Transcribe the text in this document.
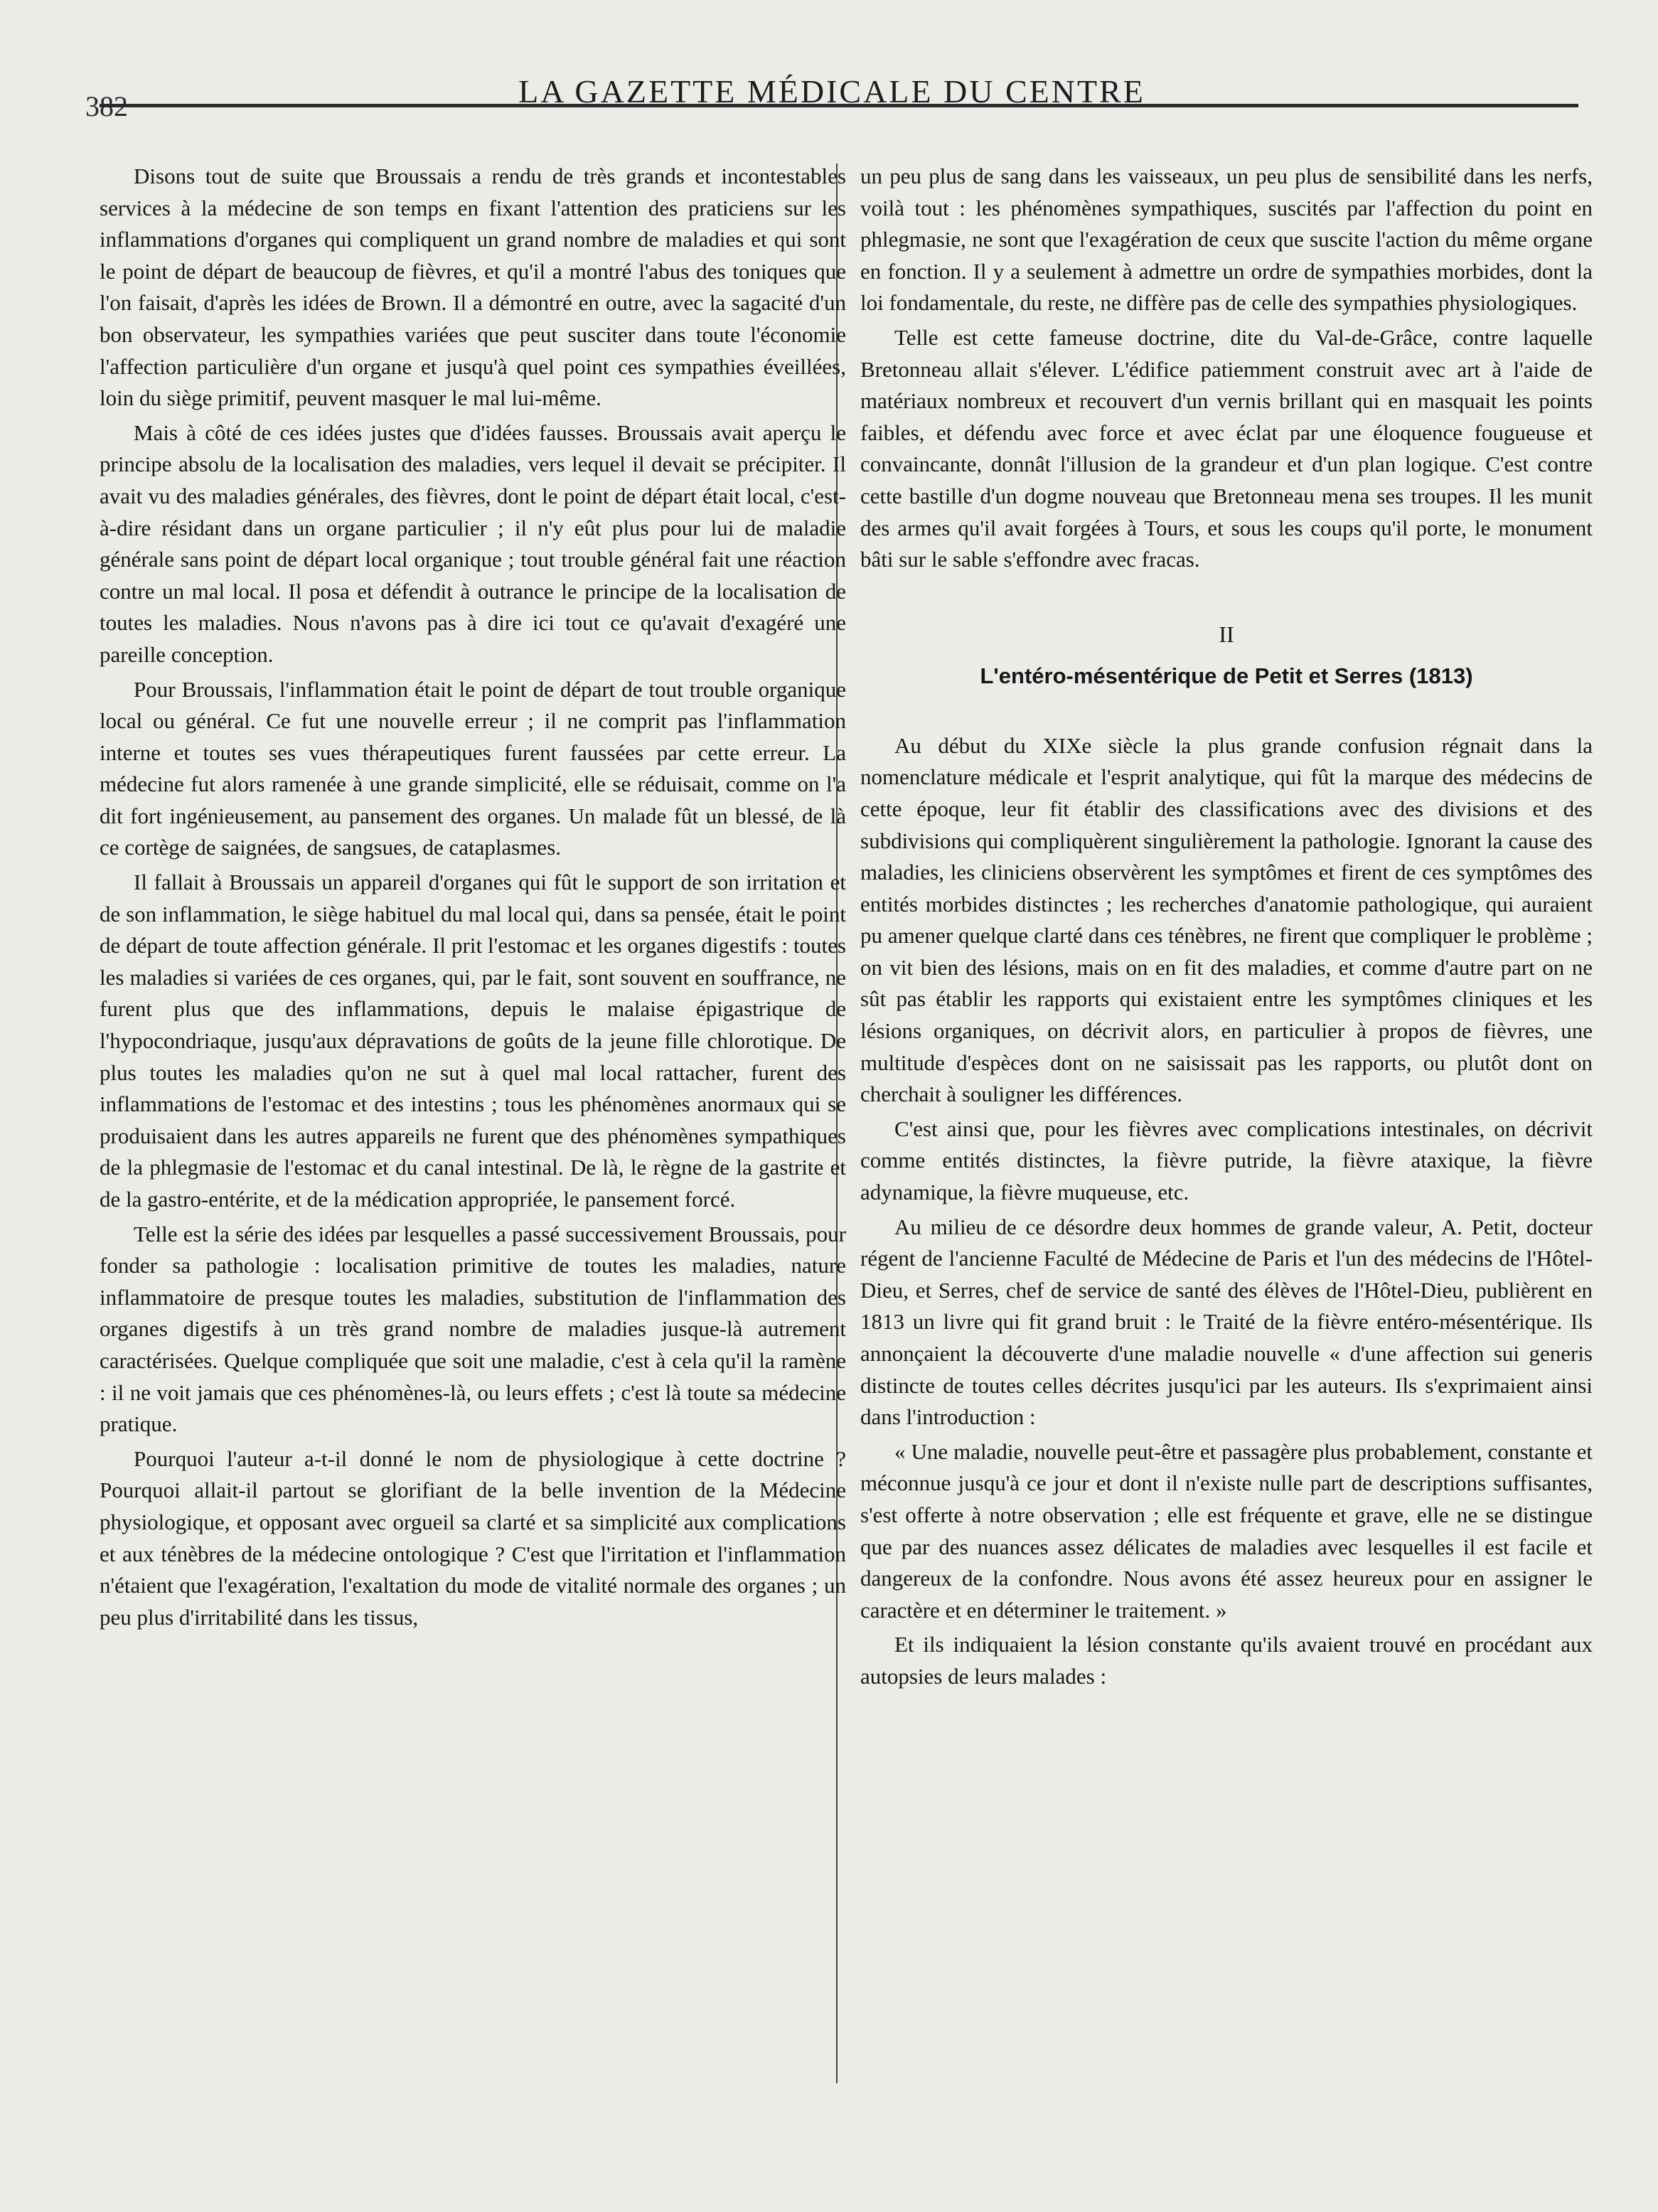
382	LA GAZETTE MÉDICALE DU CENTRE

Disons tout de suite que Broussais a rendu de très grands et incontestables services à la médecine de son temps en fixant l'attention des praticiens sur les inflammations d'organes qui compliquent un grand nombre de maladies et qui sont le point de départ de beaucoup de fièvres, et qu'il a montré l'abus des toniques que l'on faisait, d'après les idées de Brown. Il a démontré en outre, avec la sagacité d'un bon observateur, les sympathies variées que peut susciter dans toute l'économie l'affection particulière d'un organe et jusqu'à quel point ces sympathies éveillées, loin du siège primitif, peuvent masquer le mal lui-même.

Mais à côté de ces idées justes que d'idées fausses. Broussais avait aperçu le principe absolu de la localisation des maladies, vers lequel il devait se précipiter. Il avait vu des maladies générales, des fièvres, dont le point de départ était local, c'est-à-dire résidant dans un organe particulier ; il n'y eût plus pour lui de maladie générale sans point de départ local organique ; tout trouble général fait une réaction contre un mal local. Il posa et défendit à outrance le principe de la localisation de toutes les maladies. Nous n'avons pas à dire ici tout ce qu'avait d'exagéré une pareille conception.

Pour Broussais, l'inflammation était le point de départ de tout trouble organique local ou général. Ce fut une nouvelle erreur ; il ne comprit pas l'inflammation interne et toutes ses vues thérapeutiques furent faussées par cette erreur. La médecine fut alors ramenée à une grande simplicité, elle se réduisait, comme on l'a dit fort ingénieusement, au pansement des organes. Un malade fût un blessé, de là ce cortège de saignées, de sangsues, de cataplasmes.

Il fallait à Broussais un appareil d'organes qui fût le support de son irritation et de son inflammation, le siège habituel du mal local qui, dans sa pensée, était le point de départ de toute affection générale. Il prit l'estomac et les organes digestifs : toutes les maladies si variées de ces organes, qui, par le fait, sont souvent en souffrance, ne furent plus que des inflammations, depuis le malaise épigastrique de l'hypocondriaque, jusqu'aux dépravations de goûts de la jeune fille chlorotique. De plus toutes les maladies qu'on ne sut à quel mal local rattacher, furent des inflammations de l'estomac et des intestins ; tous les phénomènes anormaux qui se produisaient dans les autres appareils ne furent que des phénomènes sympathiques de la phlegmasie de l'estomac et du canal intestinal. De là, le règne de la gastrite et de la gastro-entérite, et de la médication appropriée, le pansement forcé.

Telle est la série des idées par lesquelles a passé successivement Broussais, pour fonder sa pathologie : localisation primitive de toutes les maladies, nature inflammatoire de presque toutes les maladies, substitution de l'inflammation des organes digestifs à un très grand nombre de maladies jusque-là autrement caractérisées. Quelque compliquée que soit une maladie, c'est à cela qu'il la ramène : il ne voit jamais que ces phénomènes-là, ou leurs effets ; c'est là toute sa médecine pratique.

Pourquoi l'auteur a-t-il donné le nom de physiologique à cette doctrine ? Pourquoi allait-il partout se glorifiant de la belle invention de la Médecine physiologique, et opposant avec orgueil sa clarté et sa simplicité aux complications et aux ténèbres de la médecine ontologique ? C'est que l'irritation et l'inflammation n'étaient que l'exagération, l'exaltation du mode de vitalité normale des organes ; un peu plus d'irritabilité dans les tissus,

un peu plus de sang dans les vaisseaux, un peu plus de sensibilité dans les nerfs, voilà tout : les phénomènes sympathiques, suscités par l'affection du point en phlegmasie, ne sont que l'exagération de ceux que suscite l'action du même organe en fonction. Il y a seulement à admettre un ordre de sympathies morbides, dont la loi fondamentale, du reste, ne diffère pas de celle des sympathies physiologiques.

Telle est cette fameuse doctrine, dite du Val-de-Grâce, contre laquelle Bretonneau allait s'élever. L'édifice patiemment construit avec art à l'aide de matériaux nombreux et recouvert d'un vernis brillant qui en masquait les points faibles, et défendu avec force et avec éclat par une éloquence fougueuse et convaincante, donnât l'illusion de la grandeur et d'un plan logique. C'est contre cette bastille d'un dogme nouveau que Bretonneau mena ses troupes. Il les munit des armes qu'il avait forgées à Tours, et sous les coups qu'il porte, le monument bâti sur le sable s'effondre avec fracas.

II
L'entéro-mésentérique de Petit et Serres (1813)

Au début du XIXe siècle la plus grande confusion régnait dans la nomenclature médicale et l'esprit analytique, qui fût la marque des médecins de cette époque, leur fit établir des classifications avec des divisions et des subdivisions qui compliquèrent singulièrement la pathologie. Ignorant la cause des maladies, les cliniciens observèrent les symptômes et firent de ces symptômes des entités morbides distinctes ; les recherches d'anatomie pathologique, qui auraient pu amener quelque clarté dans ces ténèbres, ne firent que compliquer le problème ; on vit bien des lésions, mais on en fit des maladies, et comme d'autre part on ne sût pas établir les rapports qui existaient entre les symptômes cliniques et les lésions organiques, on décrivit alors, en particulier à propos de fièvres, une multitude d'espèces dont on ne saisissait pas les rapports, ou plutôt dont on cherchait à souligner les différences.

C'est ainsi que, pour les fièvres avec complications intestinales, on décrivit comme entités distinctes, la fièvre putride, la fièvre ataxique, la fièvre adynamique, la fièvre muqueuse, etc.

Au milieu de ce désordre deux hommes de grande valeur, A. Petit, docteur régent de l'ancienne Faculté de Médecine de Paris et l'un des médecins de l'Hôtel-Dieu, et Serres, chef de service de santé des élèves de l'Hôtel-Dieu, publièrent en 1813 un livre qui fit grand bruit : le Traité de la fièvre entéro-mésentérique. Ils annonçaient la découverte d'une maladie nouvelle « d'une affection sui generis distincte de toutes celles décrites jusqu'ici par les auteurs. Ils s'exprimaient ainsi dans l'introduction :

« Une maladie, nouvelle peut-être et passagère plus probablement, constante et méconnue jusqu'à ce jour et dont il n'existe nulle part de descriptions suffisantes, s'est offerte à notre observation ; elle est fréquente et grave, elle ne se distingue que par des nuances assez délicates de maladies avec lesquelles il est facile et dangereux de la confondre. Nous avons été assez heureux pour en assigner le caractère et en déterminer le traitement. »

Et ils indiquaient la lésion constante qu'ils avaient trouvé en procédant aux autopsies de leurs malades :
